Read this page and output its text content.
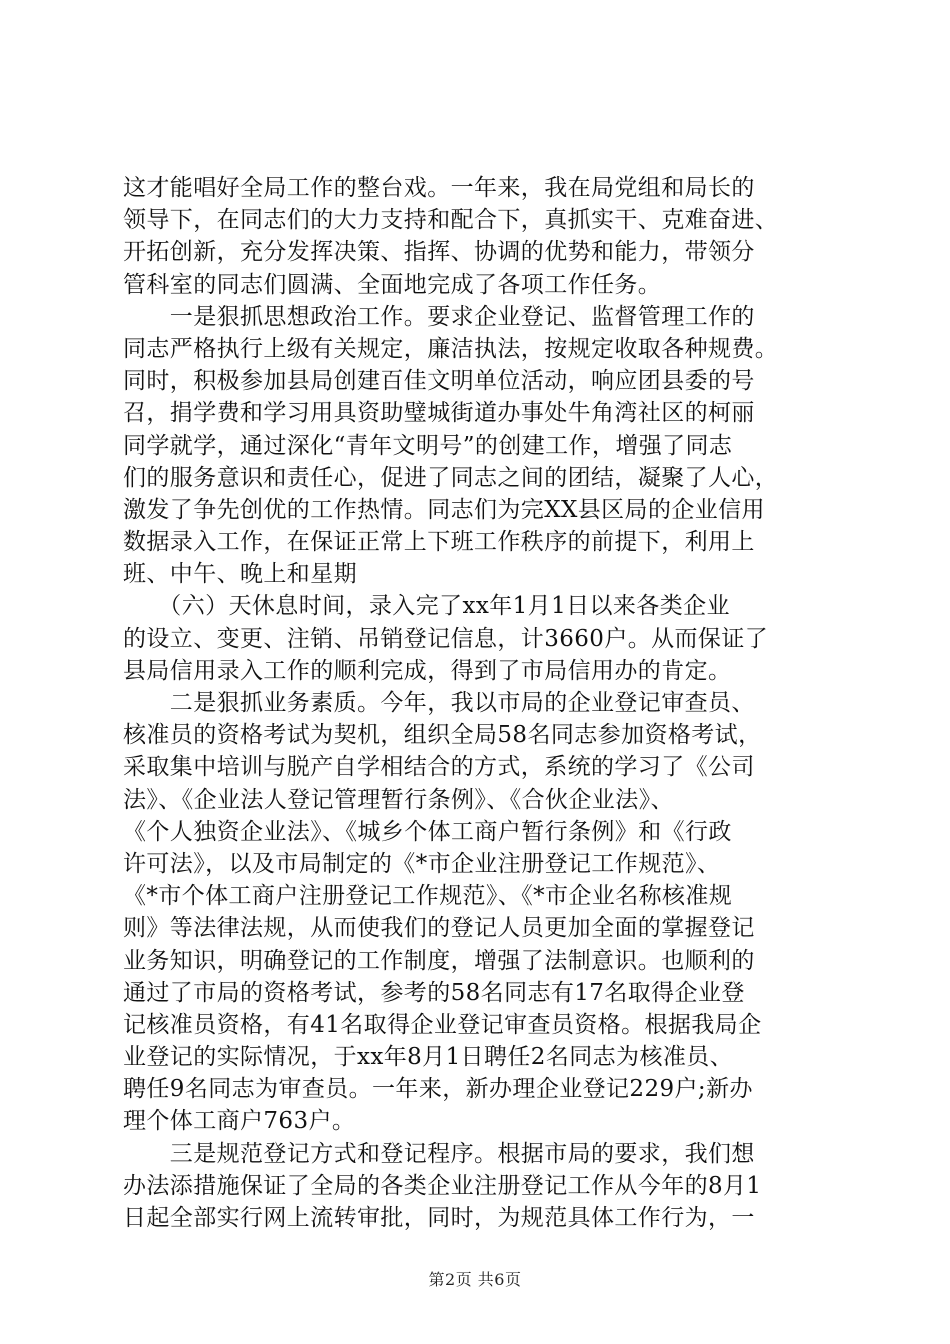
这才能唱好全局工作的整台戏。一年来，我在局党组和局长的
领导下，在同志们的大力支持和配合下，真抓实干、克难奋进、
开拓创新，充分发挥决策、指挥、协调的优势和能力，带领分
管科室的同志们圆满、全面地完成了各项工作任务。
　　一是狠抓思想政治工作。要求企业登记、监督管理工作的
同志严格执行上级有关规定，廉洁执法，按规定收取各种规费。
同时，积极参加县局创建百佳文明单位活动，响应团县委的号
召，捐学费和学习用具资助璧城街道办事处牛角湾社区的柯丽
同学就学，通过深化“青年文明号”的创建工作，增强了同志
们的服务意识和责任心，促进了同志之间的团结，凝聚了人心，
激发了争先创优的工作热情。同志们为完XX县区局的企业信用
数据录入工作，在保证正常上下班工作秩序的前提下，利用上
班、中午、晚上和星期
　　（六）天休息时间，录入完了xx年1月1日以来各类企业
的设立、变更、注销、吊销登记信息，计3660户。从而保证了
县局信用录入工作的顺利完成，得到了市局信用办的肯定。
　　二是狠抓业务素质。今年，我以市局的企业登记审查员、
核准员的资格考试为契机，组织全局58名同志参加资格考试，
采取集中培训与脱产自学相结合的方式，系统的学习了《公司
法》、《企业法人登记管理暂行条例》、《合伙企业法》、
《个人独资企业法》、《城乡个体工商户暂行条例》和《行政
许可法》，以及市局制定的《*市企业注册登记工作规范》、
《*市个体工商户注册登记工作规范》、《*市企业名称核准规
则》等法律法规，从而使我们的登记人员更加全面的掌握登记
业务知识，明确登记的工作制度，增强了法制意识。也顺利的
通过了市局的资格考试，参考的58名同志有17名取得企业登
记核准员资格，有41名取得企业登记审查员资格。根据我局企
业登记的实际情况，于xx年8月1日聘任2名同志为核准员、
聘任9名同志为审查员。一年来，新办理企业登记229户;新办
理个体工商户763户。
　　三是规范登记方式和登记程序。根据市局的要求，我们想
办法添措施保证了全局的各类企业注册登记工作从今年的8月1
日起全部实行网上流转审批，同时，为规范具体工作行为，一
第2页 共6页
